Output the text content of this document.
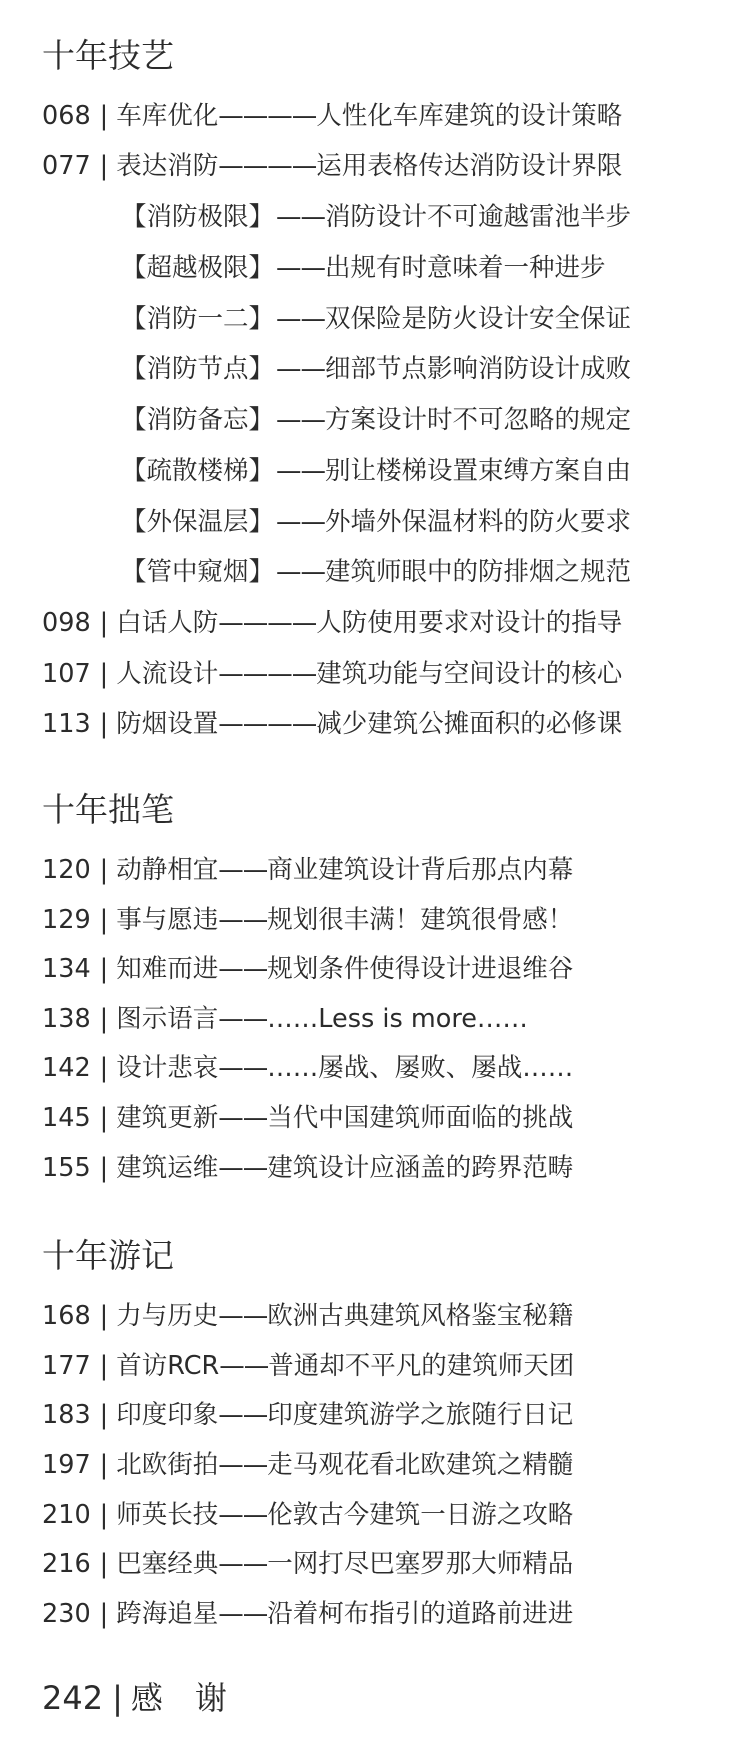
十年技艺
068 | 车库优化————人性化车库建筑的设计策略
077 | 表达消防————运用表格传达消防设计界限
【消防极限】——消防设计不可逾越雷池半步
【超越极限】——出规有时意味着一种进步
【消防一二】——双保险是防火设计安全保证
【消防节点】——细部节点影响消防设计成败
【消防备忘】——方案设计时不可忽略的规定
【疏散楼梯】——别让楼梯设置束缚方案自由
【外保温层】——外墙外保温材料的防火要求
【管中窥烟】——建筑师眼中的防排烟之规范
098 | 白话人防————人防使用要求对设计的指导
107 | 人流设计————建筑功能与空间设计的核心
113 | 防烟设置————减少建筑公摊面积的必修课
十年拙笔
120 | 动静相宜——商业建筑设计背后那点内幕
129 | 事与愿违——规划很丰满！建筑很骨感！
134 | 知难而进——规划条件使得设计进退维谷
138 | 图示语言——……Less is more……
142 | 设计悲哀——……屡战、屡败、屡战……
145 | 建筑更新——当代中国建筑师面临的挑战
155 | 建筑运维——建筑设计应涵盖的跨界范畴
十年游记
168 | 力与历史——欧洲古典建筑风格鉴宝秘籍
177 | 首访RCR——普通却不平凡的建筑师天团
183 | 印度印象——印度建筑游学之旅随行日记
197 | 北欧街拍——走马观花看北欧建筑之精髓
210 | 师英长技——伦敦古今建筑一日游之攻略
216 | 巴塞经典——一网打尽巴塞罗那大师精品
230 | 跨海追星——沿着柯布指引的道路前进进
242 | 感　谢
